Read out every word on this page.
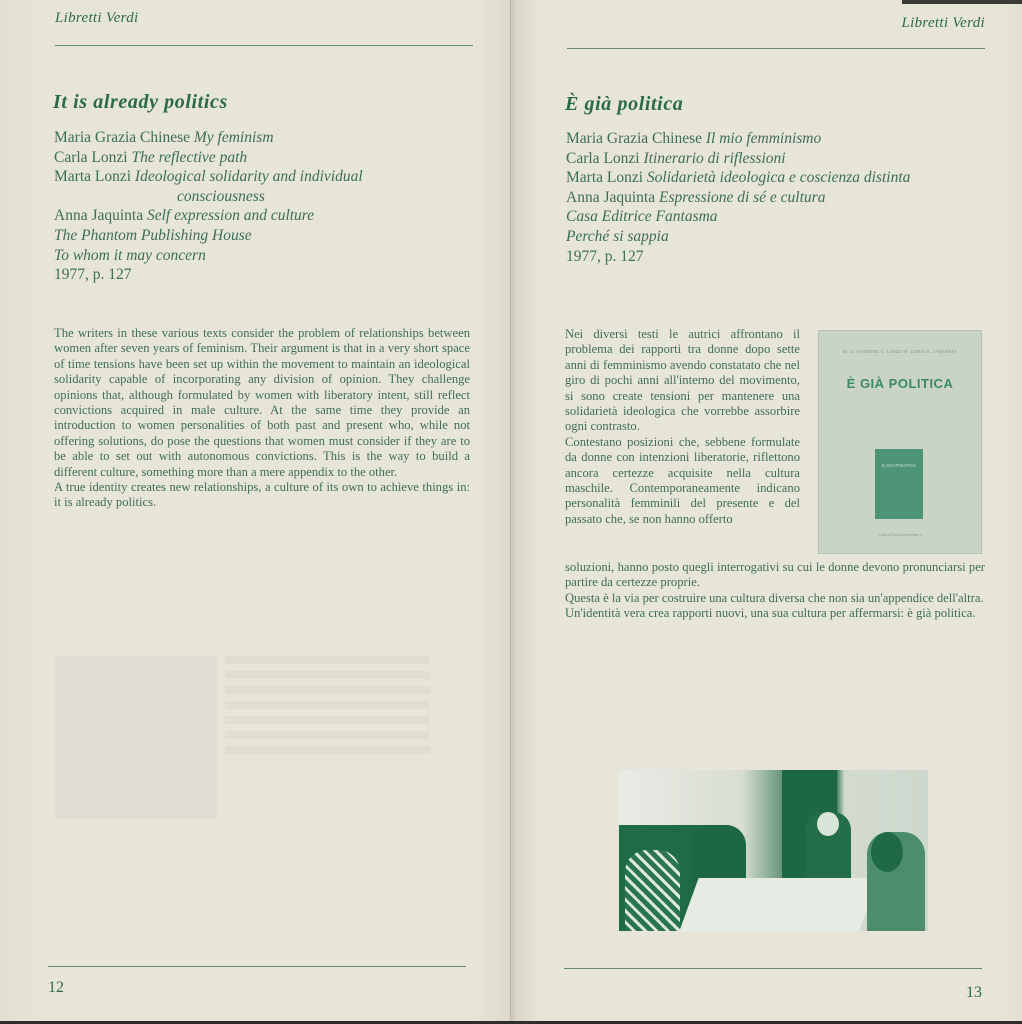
Libretti Verdi
It is already politics
Maria Grazia Chinese My feminism
Carla Lonzi The reflective path
Marta Lonzi Ideological solidarity and individual
consciousness
Anna Jaquinta Self expression and culture
The Phantom Publishing House
To whom it may concern
1977, p. 127

The writers in these various texts consider the problem of relationships between women after seven years of feminism. Their argument is that in a very short space of time tensions have been set up within the movement to maintain an ideological solidarity capable of incorporating any division of opinion. They challenge opinions that, although formulated by women with liberatory intent, still reflect convictions acquired in male culture. At the same time they provide an introduction to women personalities of both past and present who, while not offering solutions, do pose the questions that women must consider if they are to be able to set out with autonomous convictions. This is the way to build a different culture, something more than a mere appendix to the other.

A true identity creates new relationships, a culture of its own to achieve things in: it is already politics.

12
Libretti Verdi
È già politica
Maria Grazia Chinese Il mio femminismo
Carla Lonzi Itinerario di riflessioni
Marta Lonzi Solidarietà ideologica e coscienza distinta
Anna Jaquinta Espressione di sé e cultura
Casa Editrice Fantasma
Perché si sappia
1977, p. 127

Nei diversi testi le autrici affrontano il problema dei rapporti tra donne dopo sette anni di femminismo avendo constatato che nel giro di pochi anni all'interno del movimento, si sono create tensioni per mantenere una solidarietà ideologica che vorrebbe assorbire ogni contrasto.

Contestano posizioni che, sebbene formulate da donne con intenzioni liberatorie, riflettono ancora certezze acquisite nella cultura maschile. Contemporaneamente indicano personalità femminili del presente e del passato che, se non hanno offerto

soluzioni, hanno posto quegli interrogativi su cui le donne devono pronunciarsi per partire da certezze proprie.

Questa è la via per costruire una cultura diversa che non sia un'appendice dell'altra.

Un'identità vera crea rapporti nuovi, una sua cultura per affermarsi: è già politica.

13
M. G. CHINESE C. LONZI M. LONZI A. JAQUINTA
È GIÀ POLITICA
È GIÀ POLITICA
Scritti di Rivolta Femminile 8
